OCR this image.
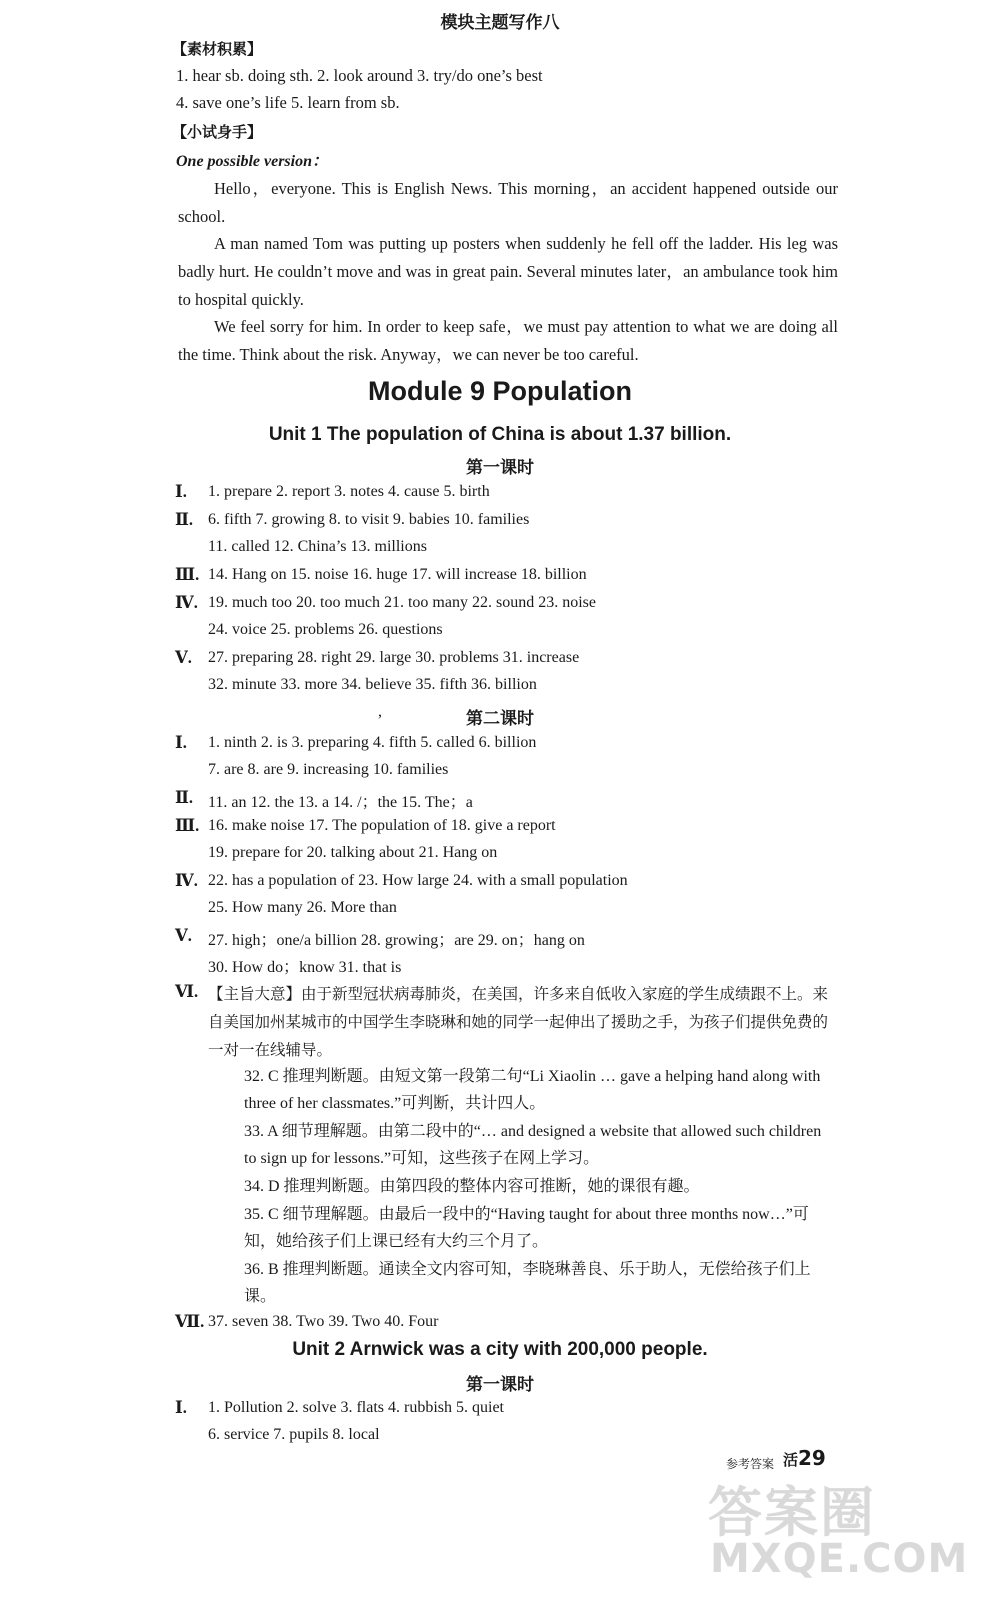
模块主题写作八
【素材积累】
1. hear sb. doing sth. 2. look around 3. try/do one’s best
4. save one’s life 5. learn from sb.
【小试身手】
One possible version：
Hello，everyone. This is English News. This morning，an accident happened outside our school.
A man named Tom was putting up posters when suddenly he fell off the ladder. His leg was badly hurt. He couldn’t move and was in great pain. Several minutes later，an ambulance took him to hospital quickly.
We feel sorry for him. In order to keep safe，we must pay attention to what we are doing all the time. Think about the risk. Anyway，we can never be too careful.
Module 9 Population
Unit 1 The population of China is about 1.37 billion.
第一课时
Ⅰ. 1. prepare 2. report 3. notes 4. cause 5. birth
Ⅱ. 6. fifth 7. growing 8. to visit 9. babies 10. families
11. called 12. China’s 13. millions
Ⅲ. 14. Hang on 15. noise 16. huge 17. will increase 18. billion
Ⅳ. 19. much too 20. too much 21. too many 22. sound 23. noise
24. voice 25. problems 26. questions
Ⅴ. 27. preparing 28. right 29. large 30. problems 31. increase
32. minute 33. more 34. believe 35. fifth 36. billion
,	第二课时
Ⅰ. 1. ninth 2. is 3. preparing 4. fifth 5. called 6. billion
7. are 8. are 9. increasing 10. families
Ⅱ. 11. an 12. the 13. a 14. /；the 15. The；a
Ⅲ. 16. make noise 17. The population of 18. give a report
19. prepare for 20. talking about 21. Hang on
Ⅳ. 22. has a population of 23. How large 24. with a small population
25. How many 26. More than
Ⅴ. 27. high；one/a billion 28. growing；are 29. on；hang on
30. How do；know 31. that is
Ⅵ. 【主旨大意】由于新型冠状病毒肺炎，在美国，许多来自低收入家庭的学生成绩跟不上。来自美国加州某城市的中国学生李晓琳和她的同学一起伸出了援助之手，为孩子们提供免费的一对一在线辅导。
32. C 推理判断题。由短文第一段第二句“Li Xiaolin … gave a helping hand along with three of her classmates.”可判断，共计四人。
33. A 细节理解题。由第二段中的“… and designed a website that allowed such children to sign up for lessons.”可知，这些孩子在网上学习。
34. D 推理判断题。由第四段的整体内容可推断，她的课很有趣。
35. C 细节理解题。由最后一段中的“Having taught for about three months now…”可知，她给孩子们上课已经有大约三个月了。
36. B 推理判断题。通读全文内容可知，李晓琳善良、乐于助人，无偿给孩子们上课。
Ⅶ. 37. seven 38. Two 39. Two 40. Four
Unit 2 Arnwick was a city with 200,000 people.
第一课时
Ⅰ. 1. Pollution 2. solve 3. flats 4. rubbish 5. quiet
6. service 7. pupils 8. local
参考答案 活29
答案圈
MXQE.COM
